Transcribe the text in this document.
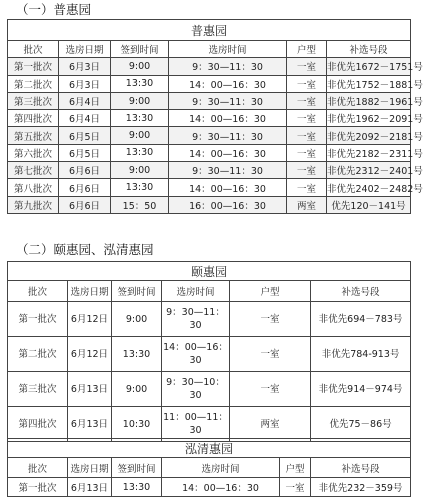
（一）普惠园
普惠园					
批次	选房日期	签到时间	选房时间	户型	补选号段
第一批次	6月3日	9:00	9：30—11：30	一室	非优先1672－1751号
第二批次	6月3日	13:30	14：00—16：30	一室	非优先1752－1881号
第三批次	6月4日	9:00	9：30—11：30	一室	非优先1882－1961号
第四批次	6月4日	13:30	14：00—16：30	一室	非优先1962－2091号
第五批次	6月5日	9:00	9：30—11：30	一室	非优先2092－2181号
第六批次	6月5日	13:30	14：00—16：30	一室	非优先2182－2311号
第七批次	6月6日	9:00	9：30—11：30	一室	非优先2312－2401号
第八批次	6月6日	13:30	14：00—16：30	一室	非优先2402－2482号
第九批次	6月6日	15：50	16：00—16：30	两室	优先120－141号
（二）颐惠园、泓清惠园
颐惠园					
批次	选房日期	签到时间	选房时间	户型	补选号段
第一批次	6月12日	9:00	9：30—11：30	一室	非优先694－783号
第二批次	6月12日	13:30	14：00—16：30	一室	非优先784-913号
第三批次	6月13日	9:00	9：30—10：30	一室	非优先914－974号
第四批次	6月13日	10:30	11：00—11：30	两室	优先75－86号
泓清惠园					
批次	选房日期	签到时间	选房时间	户型	补选号段
第一批次	6月13日	13:30	14：00—16：30	一室	非优先232－359号
